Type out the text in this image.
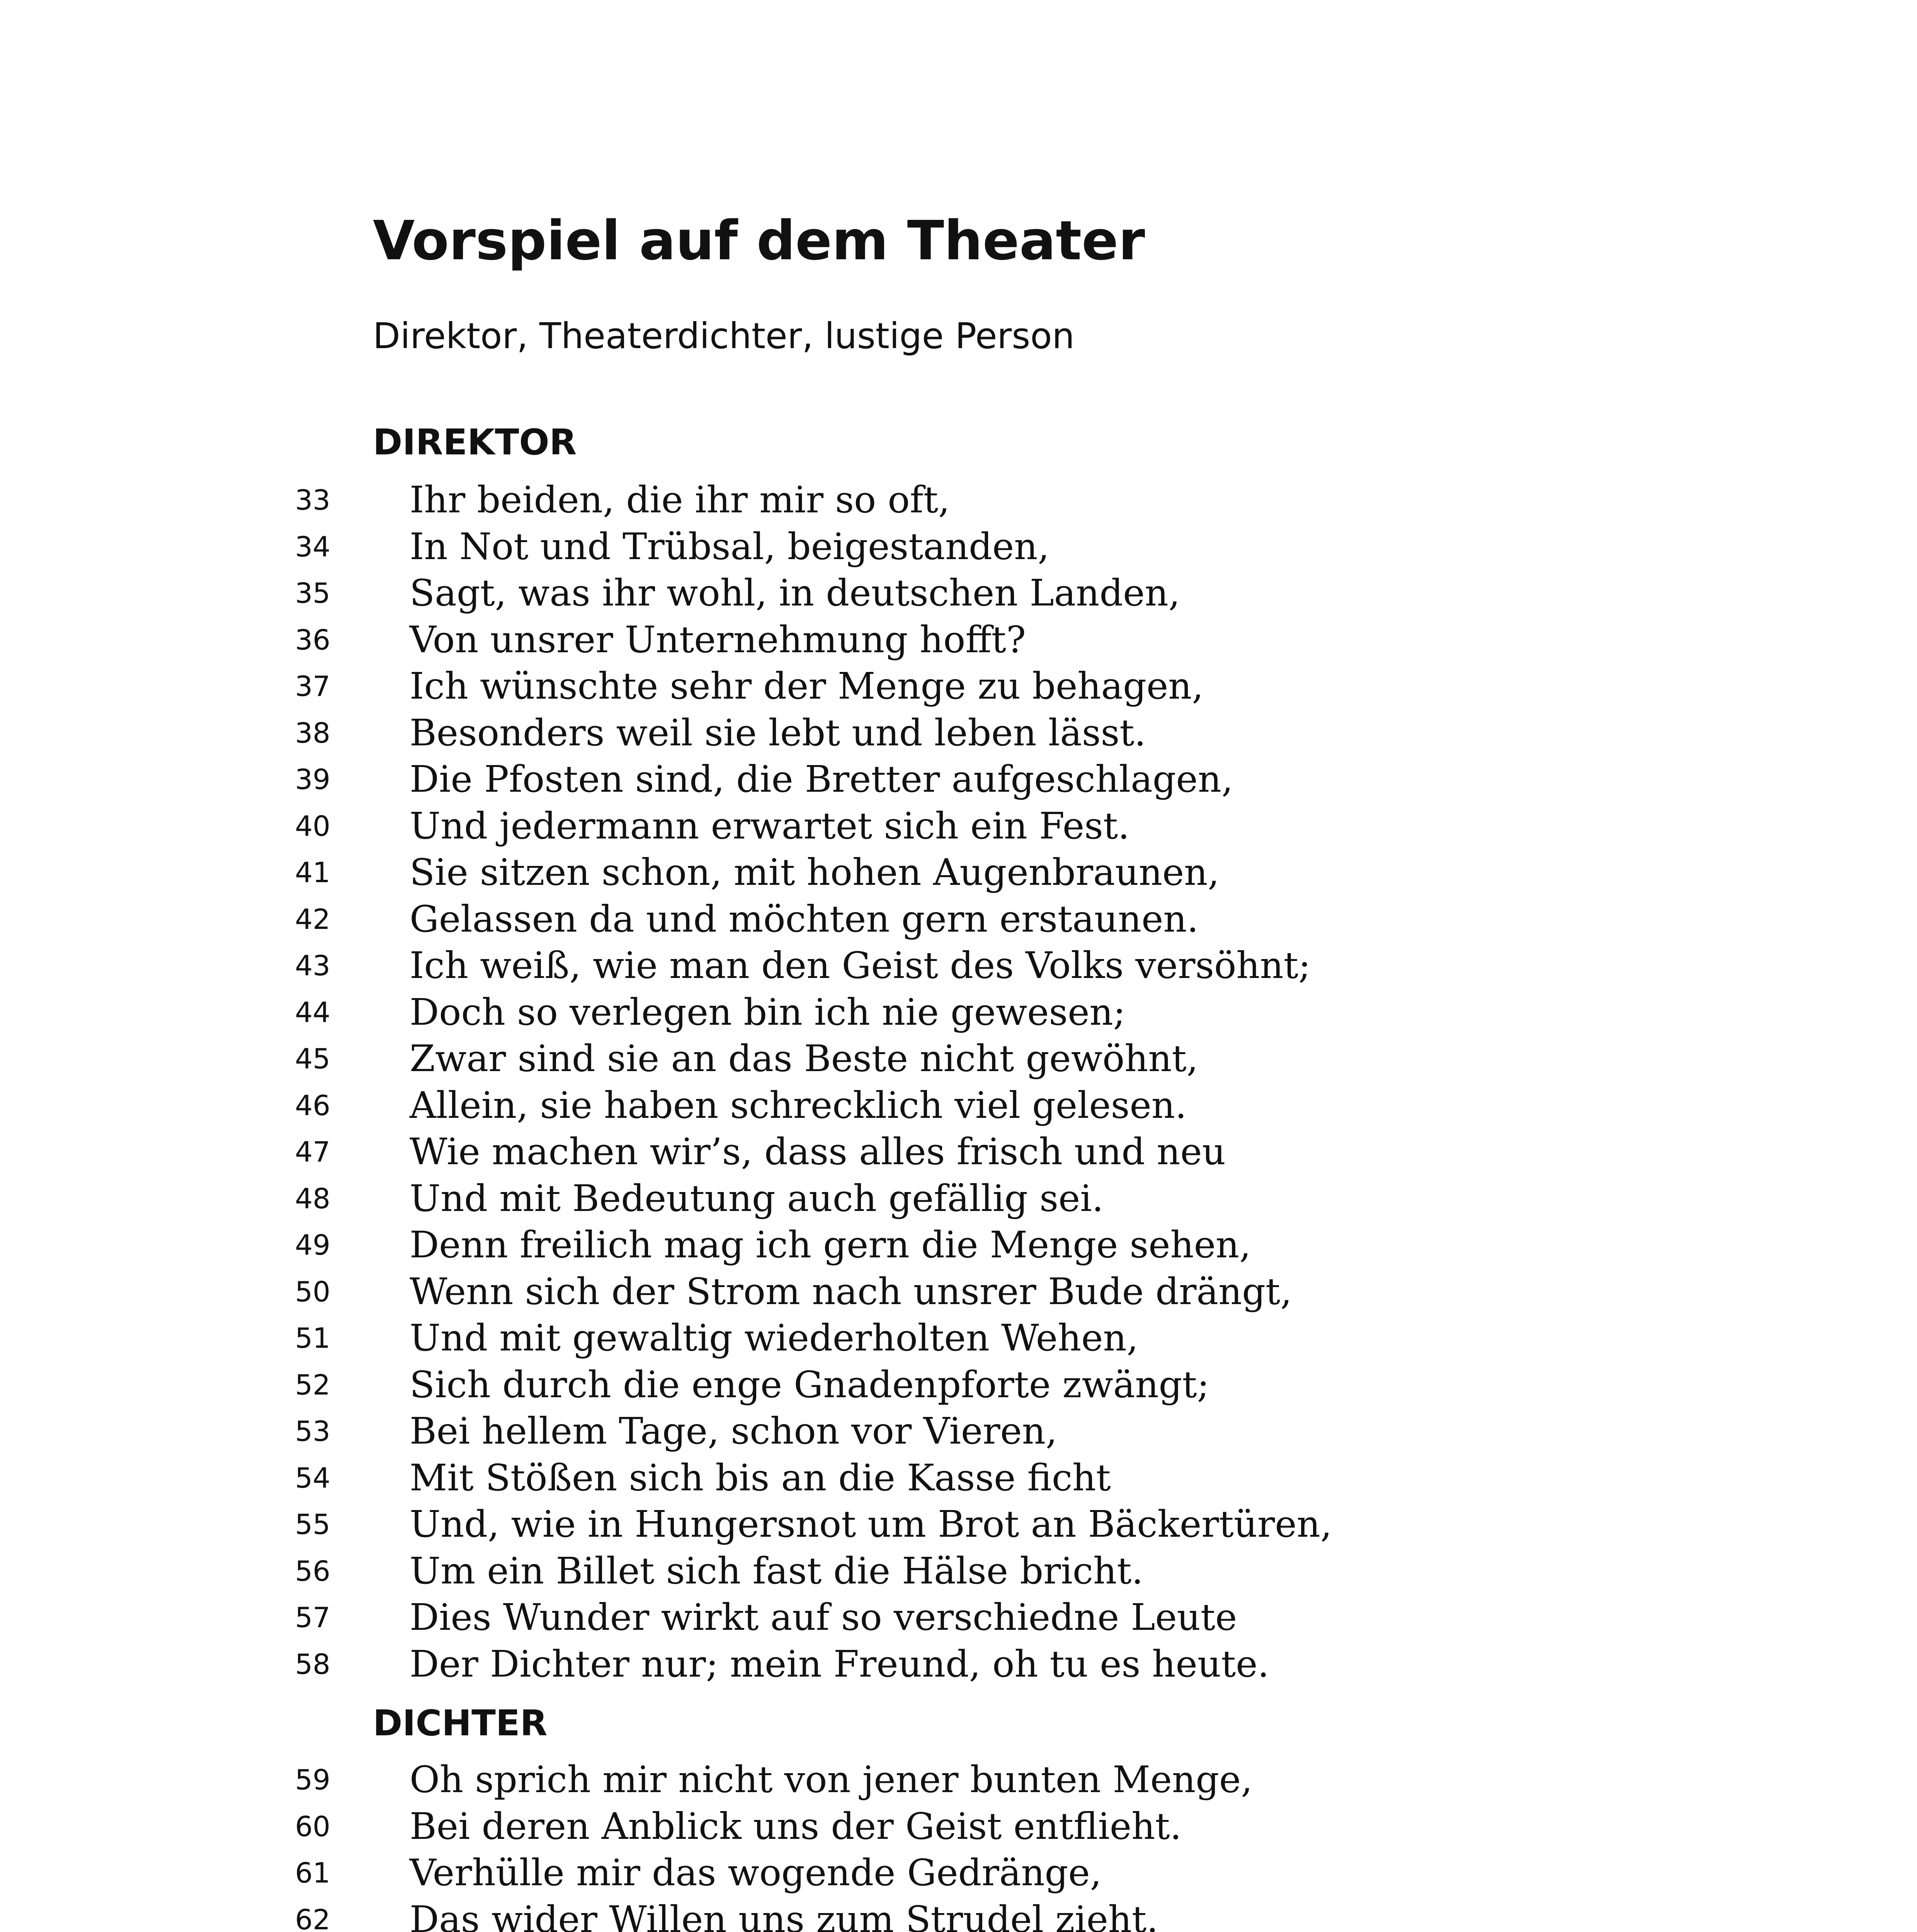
Vorspiel auf dem Theater

Direktor, Theaterdichter, lustige Person

DIREKTOR
33 Ihr beiden, die ihr mir so oft,
34 In Not und Trübsal, beigestanden,
35 Sagt, was ihr wohl, in deutschen Landen,
36 Von unsrer Unternehmung hofft?
37 Ich wünschte sehr der Menge zu behagen,
38 Besonders weil sie lebt und leben lässt.
39 Die Pfosten sind, die Bretter aufgeschlagen,
40 Und jedermann erwartet sich ein Fest.
41 Sie sitzen schon, mit hohen Augenbraunen,
42 Gelassen da und möchten gern erstaunen.
43 Ich weiß, wie man den Geist des Volks versöhnt;
44 Doch so verlegen bin ich nie gewesen;
45 Zwar sind sie an das Beste nicht gewöhnt,
46 Allein, sie haben schrecklich viel gelesen.
47 Wie machen wir’s, dass alles frisch und neu
48 Und mit Bedeutung auch gefällig sei.
49 Denn freilich mag ich gern die Menge sehen,
50 Wenn sich der Strom nach unsrer Bude drängt,
51 Und mit gewaltig wiederholten Wehen,
52 Sich durch die enge Gnadenpforte zwängt;
53 Bei hellem Tage, schon vor Vieren,
54 Mit Stößen sich bis an die Kasse ficht
55 Und, wie in Hungersnot um Brot an Bäckertüren,
56 Um ein Billet sich fast die Hälse bricht.
57 Dies Wunder wirkt auf so verschiedne Leute
58 Der Dichter nur; mein Freund, oh tu es heute.
DICHTER
59 Oh sprich mir nicht von jener bunten Menge,
60 Bei deren Anblick uns der Geist entflieht.
61 Verhülle mir das wogende Gedränge,
62 Das wider Willen uns zum Strudel zieht.
